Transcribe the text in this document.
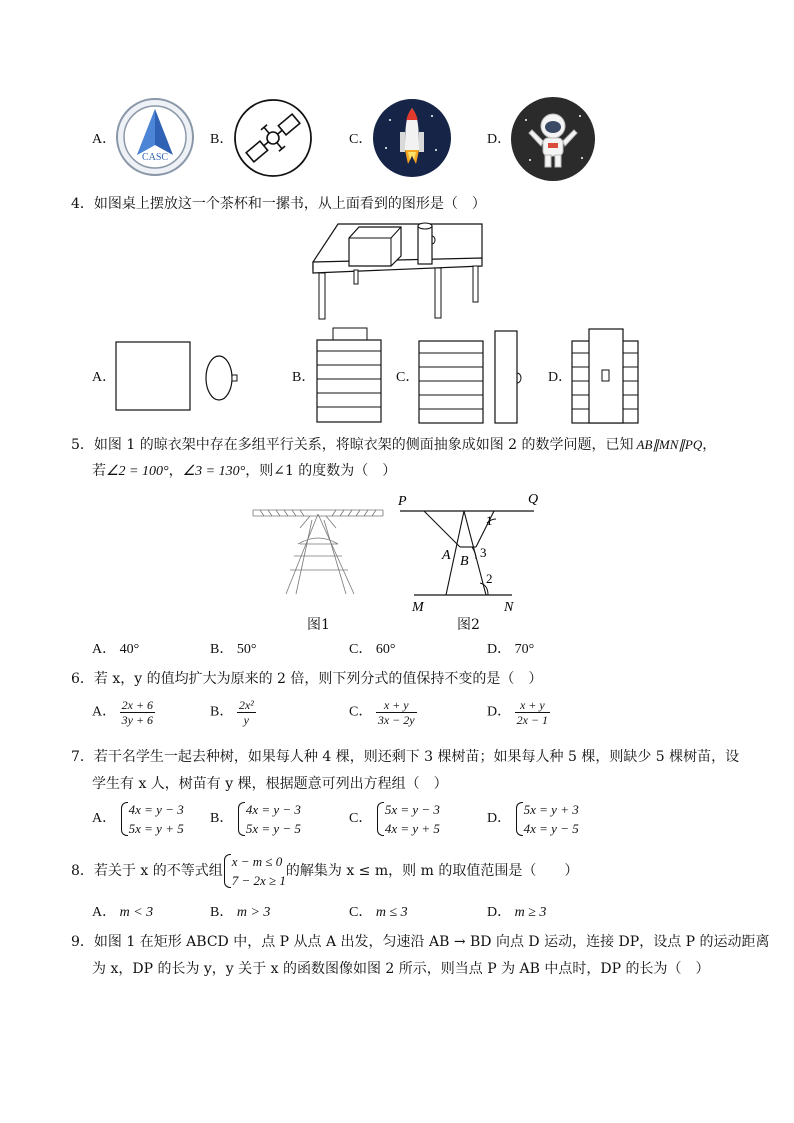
A．
CASC
B．	C．	D．
4．如图桌上摆放这一个茶杯和一摞书，从上面看到的图形是（　）
A．	B．	C．	D．
5．如图 1 的晾衣架中存在多组平行关系，将晾衣架的侧面抽象成如图 2 的数学问题，已知 AB∥MN∥PQ，
若∠2 = 100°，∠3 = 130°，则∠1 的度数为（　）
图1
P	Q
A B
M	N
1
3
2
图2
A． 40°	B． 50°	C． 60°	D． 70°
6．若 x，y 的值均扩大为原来的 2 倍，则下列分式的值保持不变的是（　）
A． $\frac{2x + 6}{3y + 6}$	B． $\frac{\text{2x²}}{y}$	C． $\frac{x + y}{3x - 2y}$	D． $\frac{x + y}{2x - 1}$
7．若干名学生一起去种树，如果每人种 4 棵，则还剩下 3 棵树苗；如果每人种 5 棵，则缺少 5 棵树苗，设
学生有 x 人，树苗有 y 棵，根据题意可列出方程组（　）
A．
4x = y − 3
5x = y + 5
B．
4x = y − 3
5x = y − 5
C．
5x = y − 3
4x = y + 5
D．
5x = y + 3
4x = y − 5
8．若关于 x 的不等式组
x − m ≤ 0
7 − 2x ≥ 1
的解集为 x ≤ m，则 m 的取值范围是（　　）
A． m < 3	B． m > 3	C． m ≤ 3	D． m ≥ 3
9．如图 1 在矩形 ABCD 中，点 P 从点 A 出发，匀速沿 AB → BD 向点 D 运动，连接 DP，设点 P 的运动距离
为 x，DP 的长为 y，y 关于 x 的函数图像如图 2 所示，则当点 P 为 AB 中点时，DP 的长为（　）
